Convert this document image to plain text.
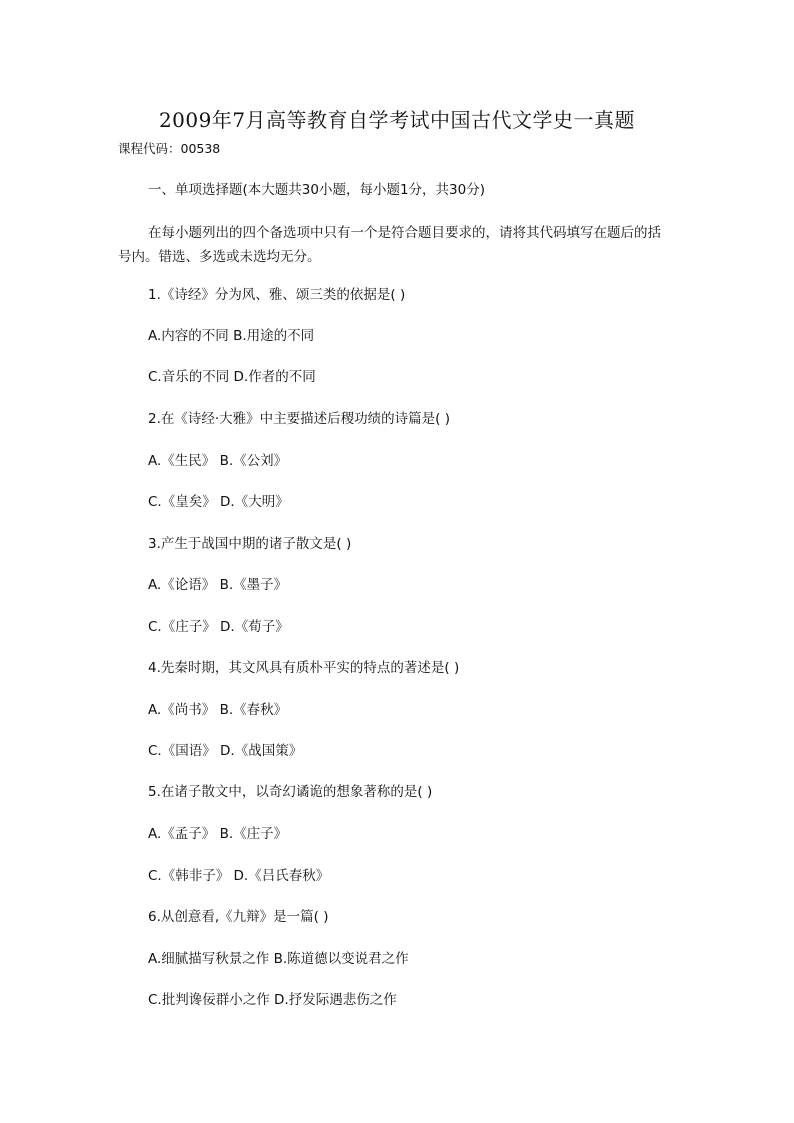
2009年7月高等教育自学考试中国古代文学史一真题
课程代码：00538
一、单项选择题(本大题共30小题，每小题1分，共30分)
在每小题列出的四个备选项中只有一个是符合题目要求的，请将其代码填写在题后的括号内。错选、多选或未选均无分。
1.《诗经》分为风、雅、颂三类的依据是( )
A.内容的不同 B.用途的不同
C.音乐的不同 D.作者的不同
2.在《诗经·大雅》中主要描述后稷功绩的诗篇是( )
A.《生民》 B.《公刘》
C.《皇矣》 D.《大明》
3.产生于战国中期的诸子散文是( )
A.《论语》 B.《墨子》
C.《庄子》 D.《荀子》
4.先秦时期，其文风具有质朴平实的特点的著述是( )
A.《尚书》 B.《春秋》
C.《国语》 D.《战国策》
5.在诸子散文中，以奇幻谲诡的想象著称的是( )
A.《孟子》 B.《庄子》
C.《韩非子》 D.《吕氏春秋》
6.从创意看,《九辩》是一篇( )
A.细腻描写秋景之作 B.陈道德以变说君之作
C.批判谗佞群小之作 D.抒发际遇悲伤之作
